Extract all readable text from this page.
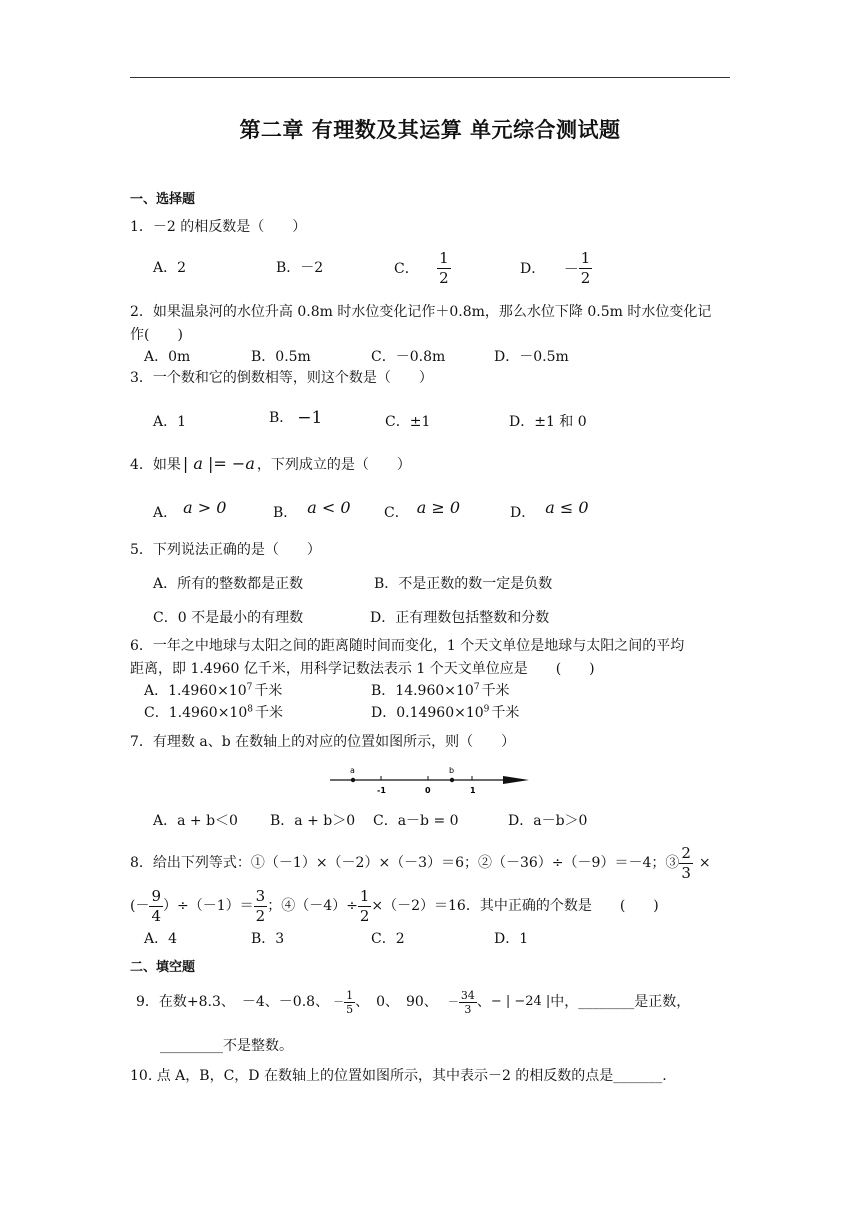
第二章 有理数及其运算 单元综合测试题
一、选择题
1．－2 的相反数是（　　）
A．2	B．－2	C． $\frac{1}{2}$	D． － $\frac{1}{2}$
2．如果温泉河的水位升高 0.8m 时水位变化记作＋0.8m，那么水位下降 0.5m 时水位变化记
作(　　)
A．0m	B．0.5m	C．－0.8m	D．－0.5m
3．一个数和它的倒数相等，则这个数是（　　）
A．1	B． −1	C．±1	D．±1 和 0
4．如果 | a |= −a ，下列成立的是（　　）
A． a > 0	B． a < 0 C． a ≥ 0	D． a ≤ 0
5．下列说法正确的是（　　）
A．所有的整数都是正数	B．不是正数的数一定是负数
C．0 不是最小的有理数	D．正有理数包括整数和分数
6．一年之中地球与太阳之间的距离随时间而变化，1 个天文单位是地球与太阳之间的平均
距离，即 1.4960 亿千米，用科学记数法表示 1 个天文单位应是　　(　　)
A．$1.4960\times 10^7$ 千米	B．$14.960\times 10^7$ 千米
C．$1.4960\times 10^8$ 千米	D．$0.14960\times 10^9$ 千米
7．有理数 a、b 在数轴上的对应的位置如图所示，则（　　）
a	b
-1	0	1
A．a + b＜0 B．a + b＞0 C．a－b = 0	D．a－b＞0
8．给出下列等式：①（－1）×（－2）×（－3）＝6；②（－36）÷（－9）＝－4；③ $\frac{2}{3}$ ×
(－ $\frac{9}{4} )\div(-1)= \frac{3}{2}$ ；④（－4）÷ $\frac{1}{2} \times(-2)=16$．其中正确的个数是　　(　　)
A．4	B．3	C．2	D．1
二、填空题
9．在数+8.3、　－4、－0.8、 － $\frac{1}{5}$ 、　0、　90、 － $\frac{34}{3}$ 、− | −24 |中，________是正数，
_________不是整数。
10. 点 A，B，C，D 在数轴上的位置如图所示，其中表示－2 的相反数的点是_______.
